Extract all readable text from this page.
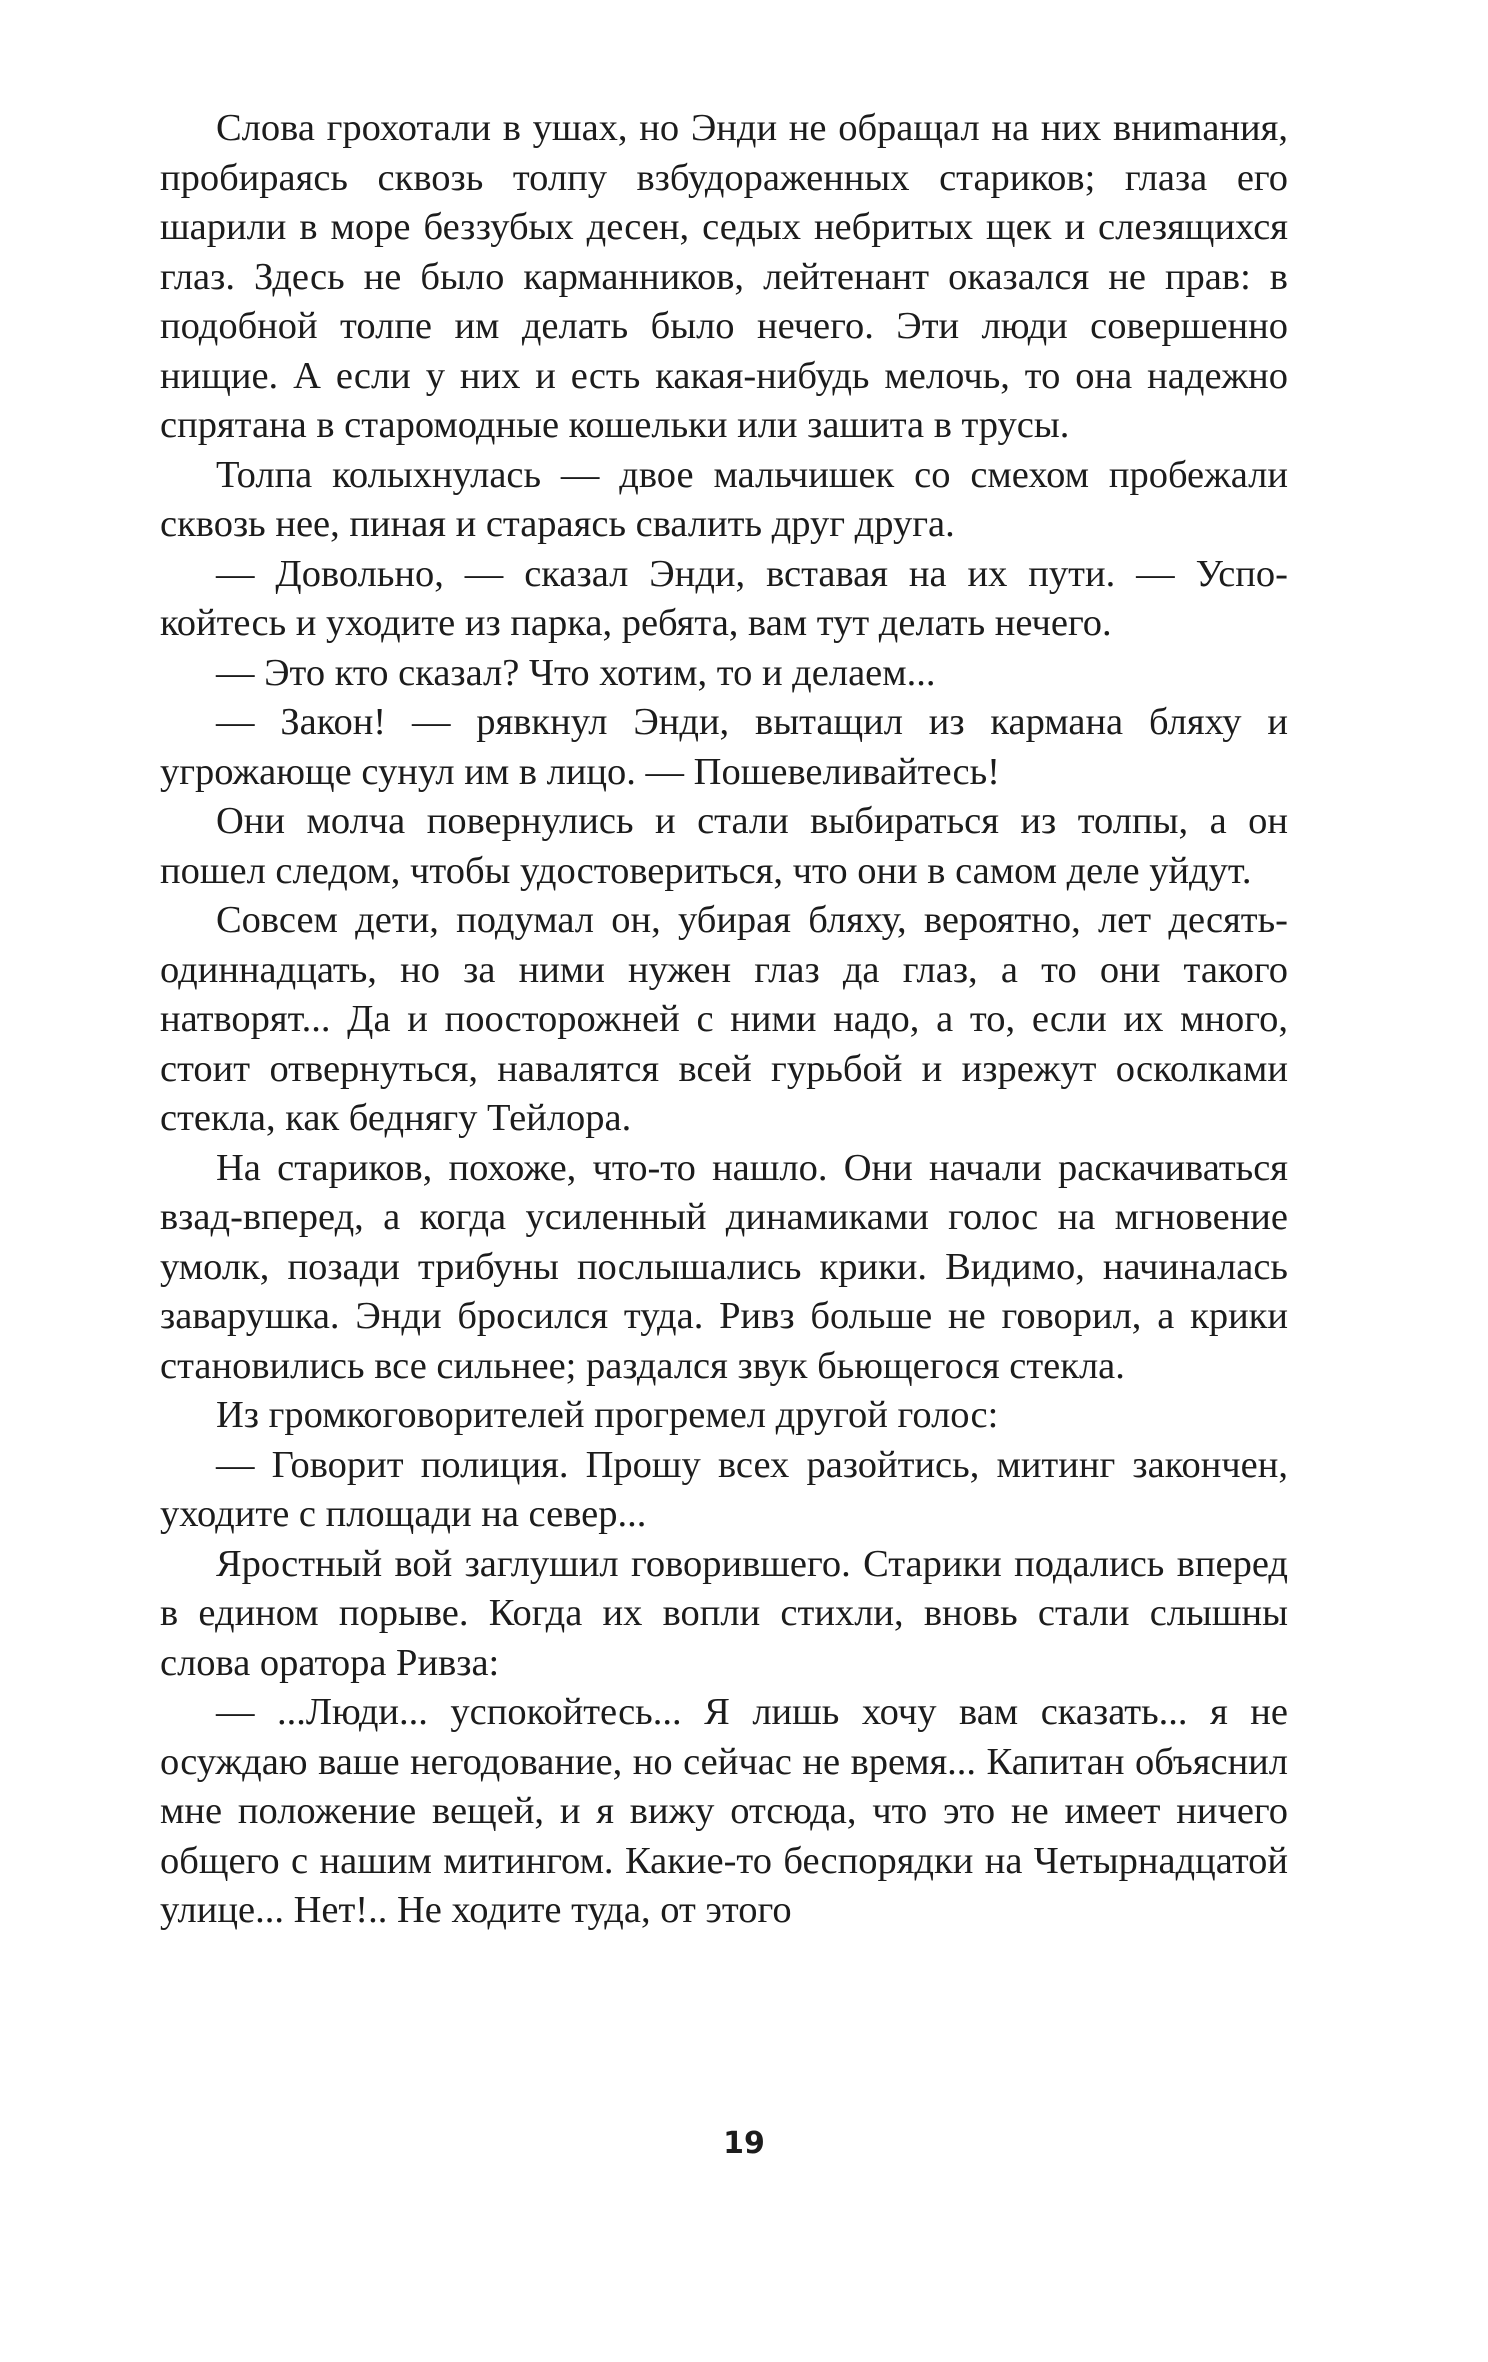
Слова грохотали в ушах, но Энди не обращал на них вниmания, пробираясь сквозь толпу взбудораженных стариков; глаза его шарили в море беззубых десен, седых небритых щек и слезящихся глаз. Здесь не было карманников, лейтенант оказался не прав: в подобной толпе им делать было нечего. Эти люди совершенно нищие. А если у них и есть какая-нибудь мелочь, то она надежно спрятана в старомодные кошельки или зашита в трусы.

Толпа колыхнулась — двое мальчишек со смехом пробежали сквозь нее, пиная и стараясь свалить друг друга.

— Довольно, — сказал Энди, вставая на их пути. — Успокойтесь и уходите из парка, ребята, вам тут делать нечего.

— Это кто сказал? Что хотим, то и делаем...

— Закон! — рявкнул Энди, вытащил из кармана бляху и угрожающе сунул им в лицо. — Пошевеливайтесь!

Они молча повернулись и стали выбираться из толпы, а он пошел следом, чтобы удостовериться, что они в самом деле уйдут.

Совсем дети, подумал он, убирая бляху, вероятно, лет десять-одиннадцать, но за ними нужен глаз да глаз, а то они такого натворят... Да и поосторожней с ними надо, а то, если их много, стоит отвернуться, навалятся всей гурьбой и изрежут осколками стекла, как беднягу Тейлора.

На стариков, похоже, что-то нашло. Они начали раскачиваться взад-вперед, а когда усиленный динамиками голос на мгновение умолк, позади трибуны послышались крики. Видимо, начиналась заварушка. Энди бросился туда. Ривз больше не говорил, а крики становились все сильнее; раздался звук бьющегося стекла.

Из громкоговорителей прогремел другой голос:

— Говорит полиция. Прошу всех разойтись, митинг закончен, уходите с площади на север...

Яростный вой заглушил говорившего. Старики подались вперед в едином порыве. Когда их вопли стихли, вновь стали слышны слова оратора Ривза:

— ...Люди... успокойтесь... Я лишь хочу вам сказать... я не осуждаю ваше негодование, но сейчас не время... Капитан объяснил мне положение вещей, и я вижу отсюда, что это не имеет ничего общего с нашим митингом. Какие-то беспорядки на Четырнадцатой улице... Нет!.. Не ходите туда, от этого

19
